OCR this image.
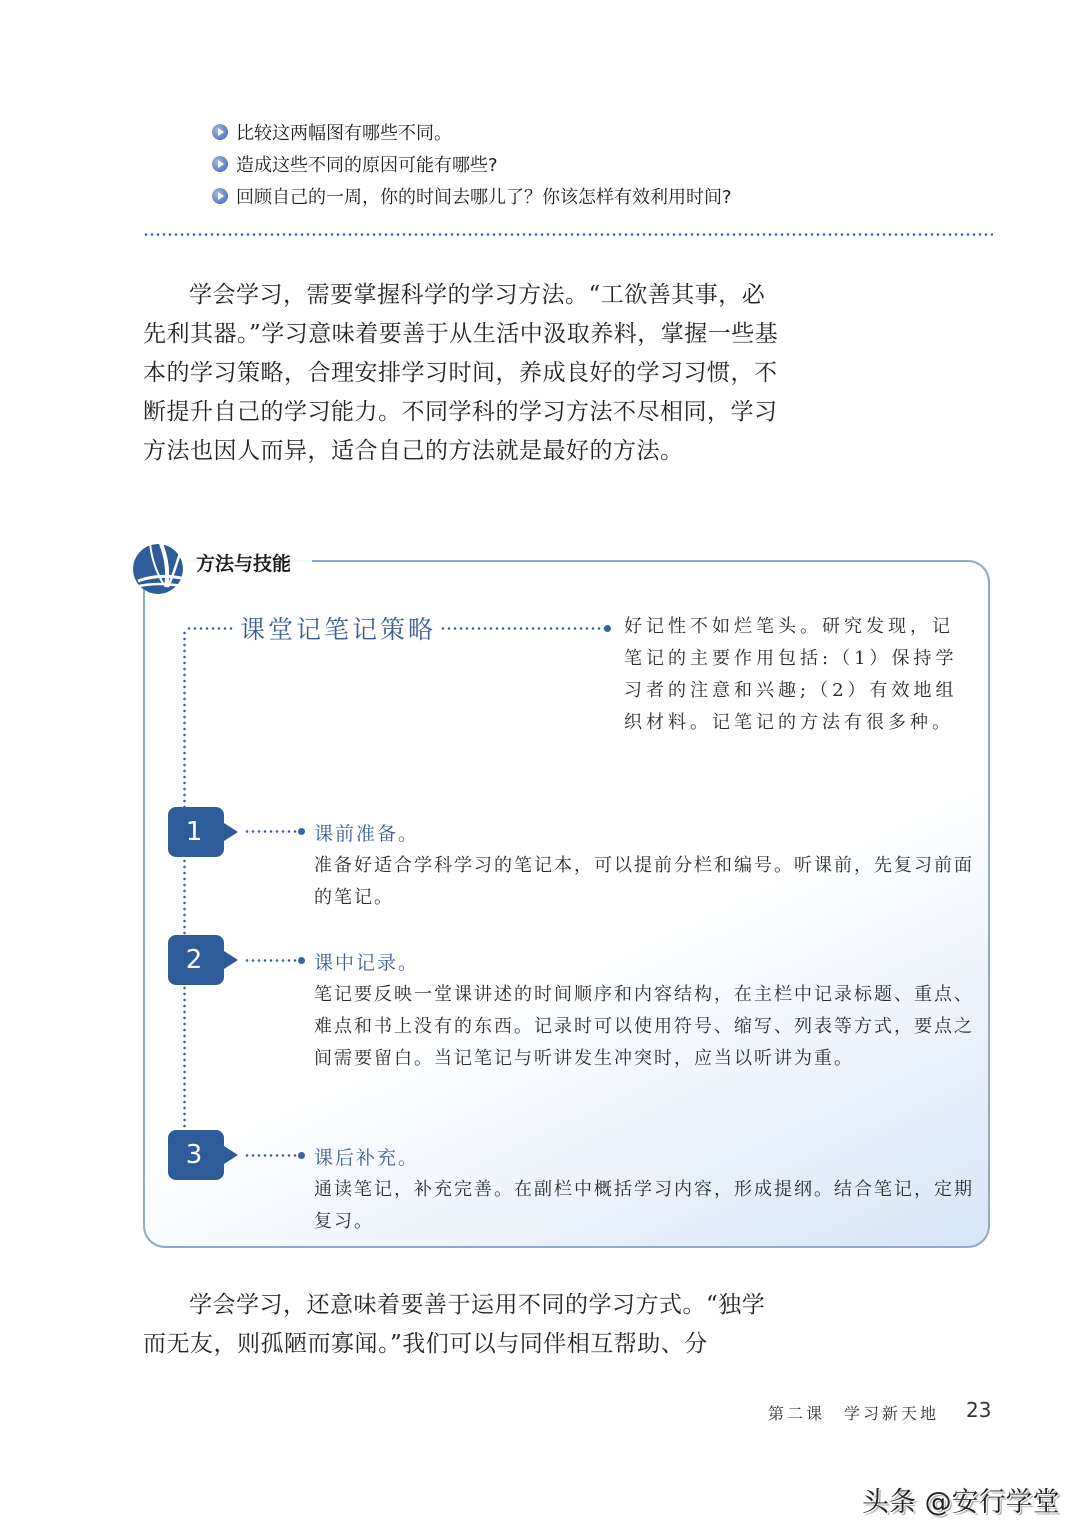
比较这两幅图有哪些不同。
造成这些不同的原因可能有哪些?
回顾自己的一周，你的时间去哪儿了？你该怎样有效利用时间?

学会学习，需要掌握科学的学习方法。“工欲善其事，必先利其器。”学习意味着要善于从生活中汲取养料，掌握一些基本的学习策略，合理安排学习时间，养成良好的学习习惯，不断提升自己的学习能力。不同学科的学习方法不尽相同，学习方法也因人而异，适合自己的方法就是最好的方法。

方法与技能
课堂记笔记策略	好记性不如烂笔头。研究发现，记笔记的主要作用包括:（1）保持学习者的注意和兴趣;（2）有效地组织材料。记笔记的方法有很多种。
1	课前准备。
准备好适合学科学习的笔记本，可以提前分栏和编号。听课前，先复习前面的笔记。
2	课中记录。
笔记要反映一堂课讲述的时间顺序和内容结构，在主栏中记录标题、重点、难点和书上没有的东西。记录时可以使用符号、缩写、列表等方式，要点之间需要留白。当记笔记与听讲发生冲突时，应当以听讲为重。
3	课后补充。
通读笔记，补充完善。在副栏中概括学习内容，形成提纲。结合笔记，定期复习。

学会学习，还意味着要善于运用不同的学习方式。“独学而无友，则孤陋而寡闻。”我们可以与同伴相互帮助、分

第二课　学习新天地 23
头条 @安行学堂
